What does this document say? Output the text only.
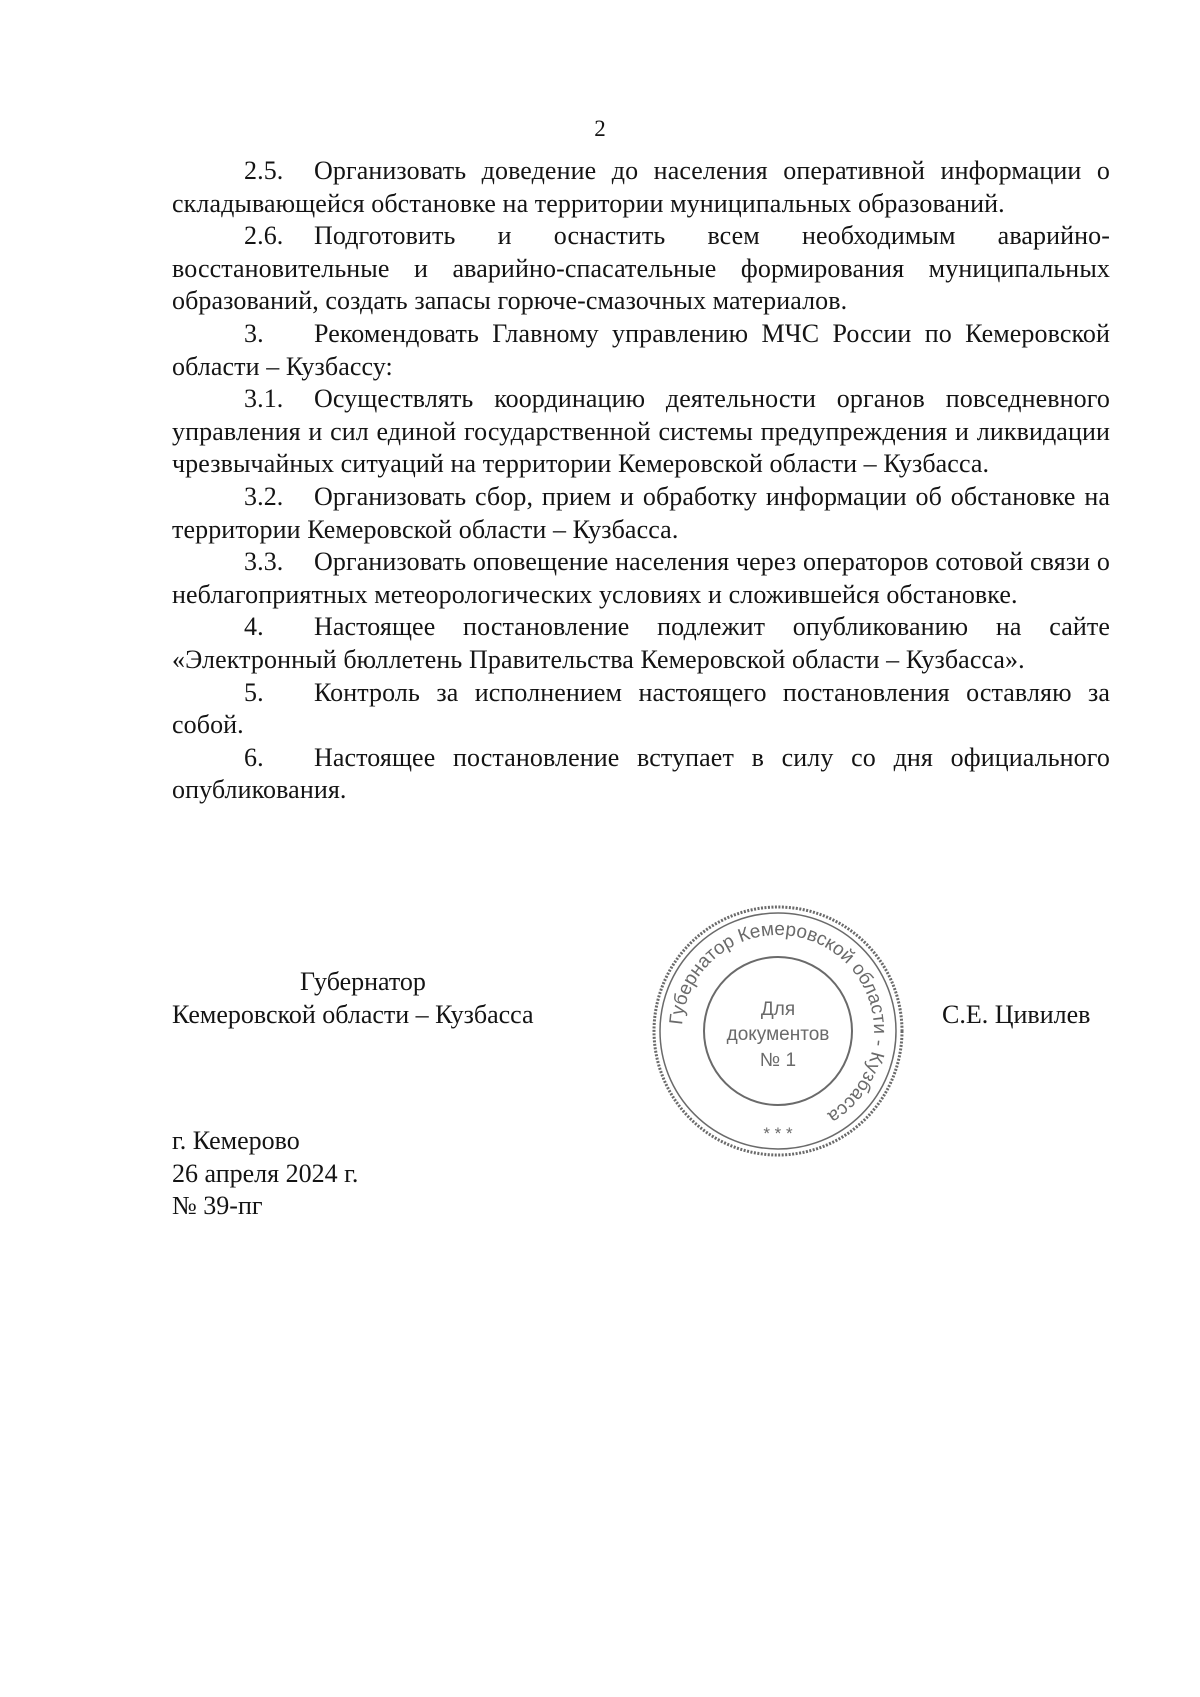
2

2.5. Организовать доведение до населения оперативной информации о складывающейся обстановке на территории муниципальных образований.

2.6. Подготовить и оснастить всем необходимым аварийно-восстановительные и аварийно-спасательные формирования муниципальных образований, создать запасы горюче-смазочных материалов.

3. Рекомендовать Главному управлению МЧС России по Кемеровской области – Кузбассу:

3.1. Осуществлять координацию деятельности органов повседневного управления и сил единой государственной системы предупреждения и ликвидации чрезвычайных ситуаций на территории Кемеровской области – Кузбасса.

3.2. Организовать сбор, прием и обработку информации об обстановке на территории Кемеровской области – Кузбасса.

3.3. Организовать оповещение населения через операторов сотовой связи о неблагоприятных метеорологических условиях и сложившейся обстановке.

4. Настоящее постановление подлежит опубликованию на сайте «Электронный бюллетень Правительства Кемеровской области – Кузбасса».

5. Контроль за исполнением настоящего постановления оставляю за собой.

6. Настоящее постановление вступает в силу со дня официального опубликования.

Губернатор
Кемеровской области – Кузбасса	С.Е. Цивилев
Губернатор Кемеровской области - Кузбасса
Для
документов
№ 1
* * *
г. Кемерово
26 апреля 2024 г.
№ 39-пг
